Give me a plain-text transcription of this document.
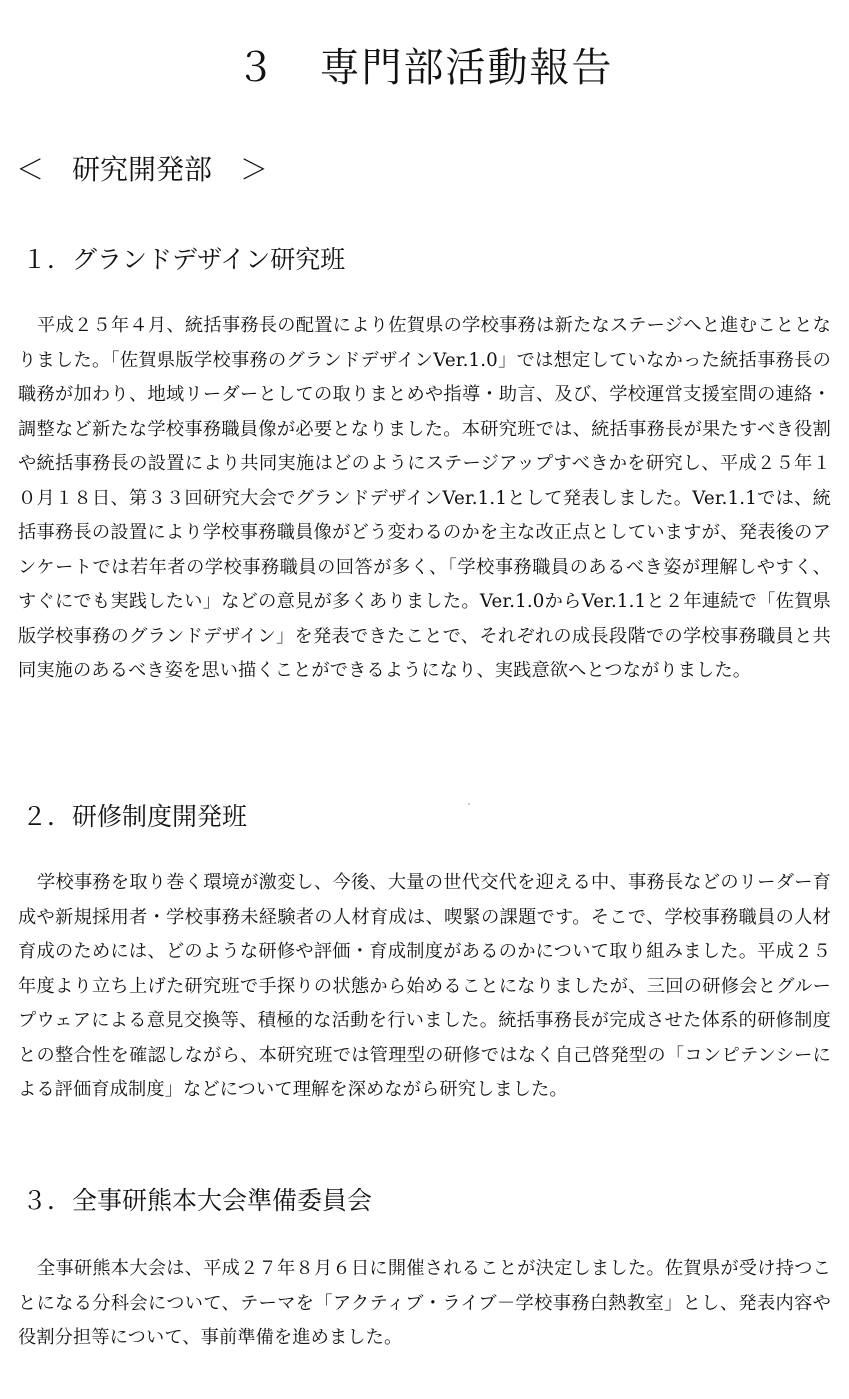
３　専門部活動報告
＜　研究開発部　＞
１．グランドデザイン研究班

平成２５年４月、統括事務長の配置により佐賀県の学校事務は新たなステージへと進むこととなりました。「佐賀県版学校事務のグランドデザインVer.1.0」では想定していなかった統括事務長の職務が加わり、地域リーダーとしての取りまとめや指導・助言、及び、学校運営支援室間の連絡・調整など新たな学校事務職員像が必要となりました。本研究班では、統括事務長が果たすべき役割や統括事務長の設置により共同実施はどのようにステージアップすべきかを研究し、平成２５年１０月１８日、第３３回研究大会でグランドデザインVer.1.1として発表しました。Ver.1.1では、統括事務長の設置により学校事務職員像がどう変わるのかを主な改正点としていますが、発表後のアンケートでは若年者の学校事務職員の回答が多く、「学校事務職員のあるべき姿が理解しやすく、すぐにでも実践したい」などの意見が多くありました。Ver.1.0からVer.1.1と２年連続で「佐賀県版学校事務のグランドデザイン」を発表できたことで、それぞれの成長段階での学校事務職員と共同実施のあるべき姿を思い描くことができるようになり、実践意欲へとつながりました。

２．研修制度開発班

学校事務を取り巻く環境が激変し、今後、大量の世代交代を迎える中、事務長などのリーダー育成や新規採用者・学校事務未経験者の人材育成は、喫緊の課題です。そこで、学校事務職員の人材育成のためには、どのような研修や評価・育成制度があるのかについて取り組みました。平成２５年度より立ち上げた研究班で手探りの状態から始めることになりましたが、三回の研修会とグループウェアによる意見交換等、積極的な活動を行いました。統括事務長が完成させた体系的研修制度との整合性を確認しながら、本研究班では管理型の研修ではなく自己啓発型の「コンピテンシーによる評価育成制度」などについて理解を深めながら研究しました。

３．全事研熊本大会準備委員会

全事研熊本大会は、平成２７年８月６日に開催されることが決定しました。佐賀県が受け持つことになる分科会について、テーマを「アクティブ・ライブ－学校事務白熱教室」とし、発表内容や役割分担等について、事前準備を進めました。
